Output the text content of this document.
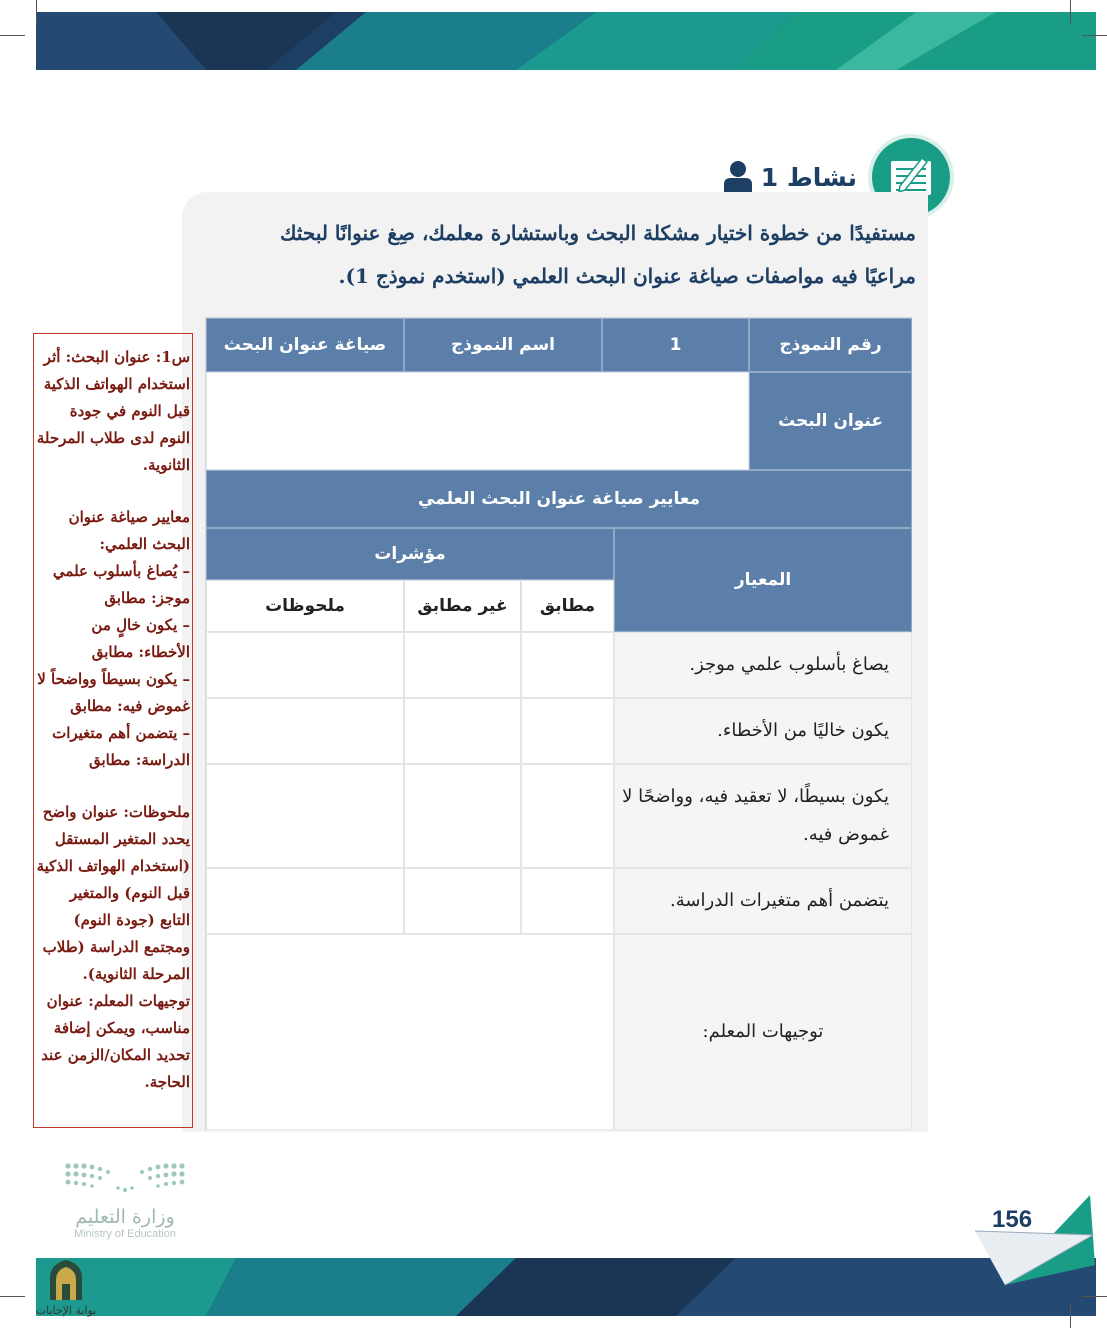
نشاط 1

مستفيدًا من خطوة اختيار مشكلة البحث وباستشارة معلمك، صِغ عنوانًا لبحثك

مراعيًا فيه مواصفات صياغة عنوان البحث العلمي (استخدم نموذج 1).

رقم النموذج
1
اسم النموذج
صياغة عنوان البحث
عنوان البحث
معايير صياغة عنوان البحث العلمي
المعيار
مؤشرات
مطابق
غير مطابق
ملحوظات
يصاغ بأسلوب علمي موجز.
يكون خاليًا من الأخطاء.
يكون بسيطًا، لا تعقيد فيه، وواضحًا لا غموض فيه.
يتضمن أهم متغيرات الدراسة.
توجيهات المعلم:

س1: عنوان البحث: أثر استخدام الهواتف الذكية قبل النوم في جودة النوم لدى طلاب المرحلة الثانوية.

معايير صياغة عنوان البحث العلمي:

– يُصاغ بأسلوب علمي موجز: مطابق

– يكون خالٍ من الأخطاء: مطابق

– يكون بسيطاً وواضحاً لا غموض فيه: مطابق

– يتضمن أهم متغيرات الدراسة: مطابق

ملحوظات: عنوان واضح يحدد المتغير المستقل (استخدام الهواتف الذكية قبل النوم) والمتغير التابع (جودة النوم) ومجتمع الدراسة (طلاب المرحلة الثانوية).

توجيهات المعلم: عنوان مناسب، ويمكن إضافة تحديد المكان/الزمن عند الحاجة.

وزارة التعليم
Ministry of Education
بوابة الإجابات
156
